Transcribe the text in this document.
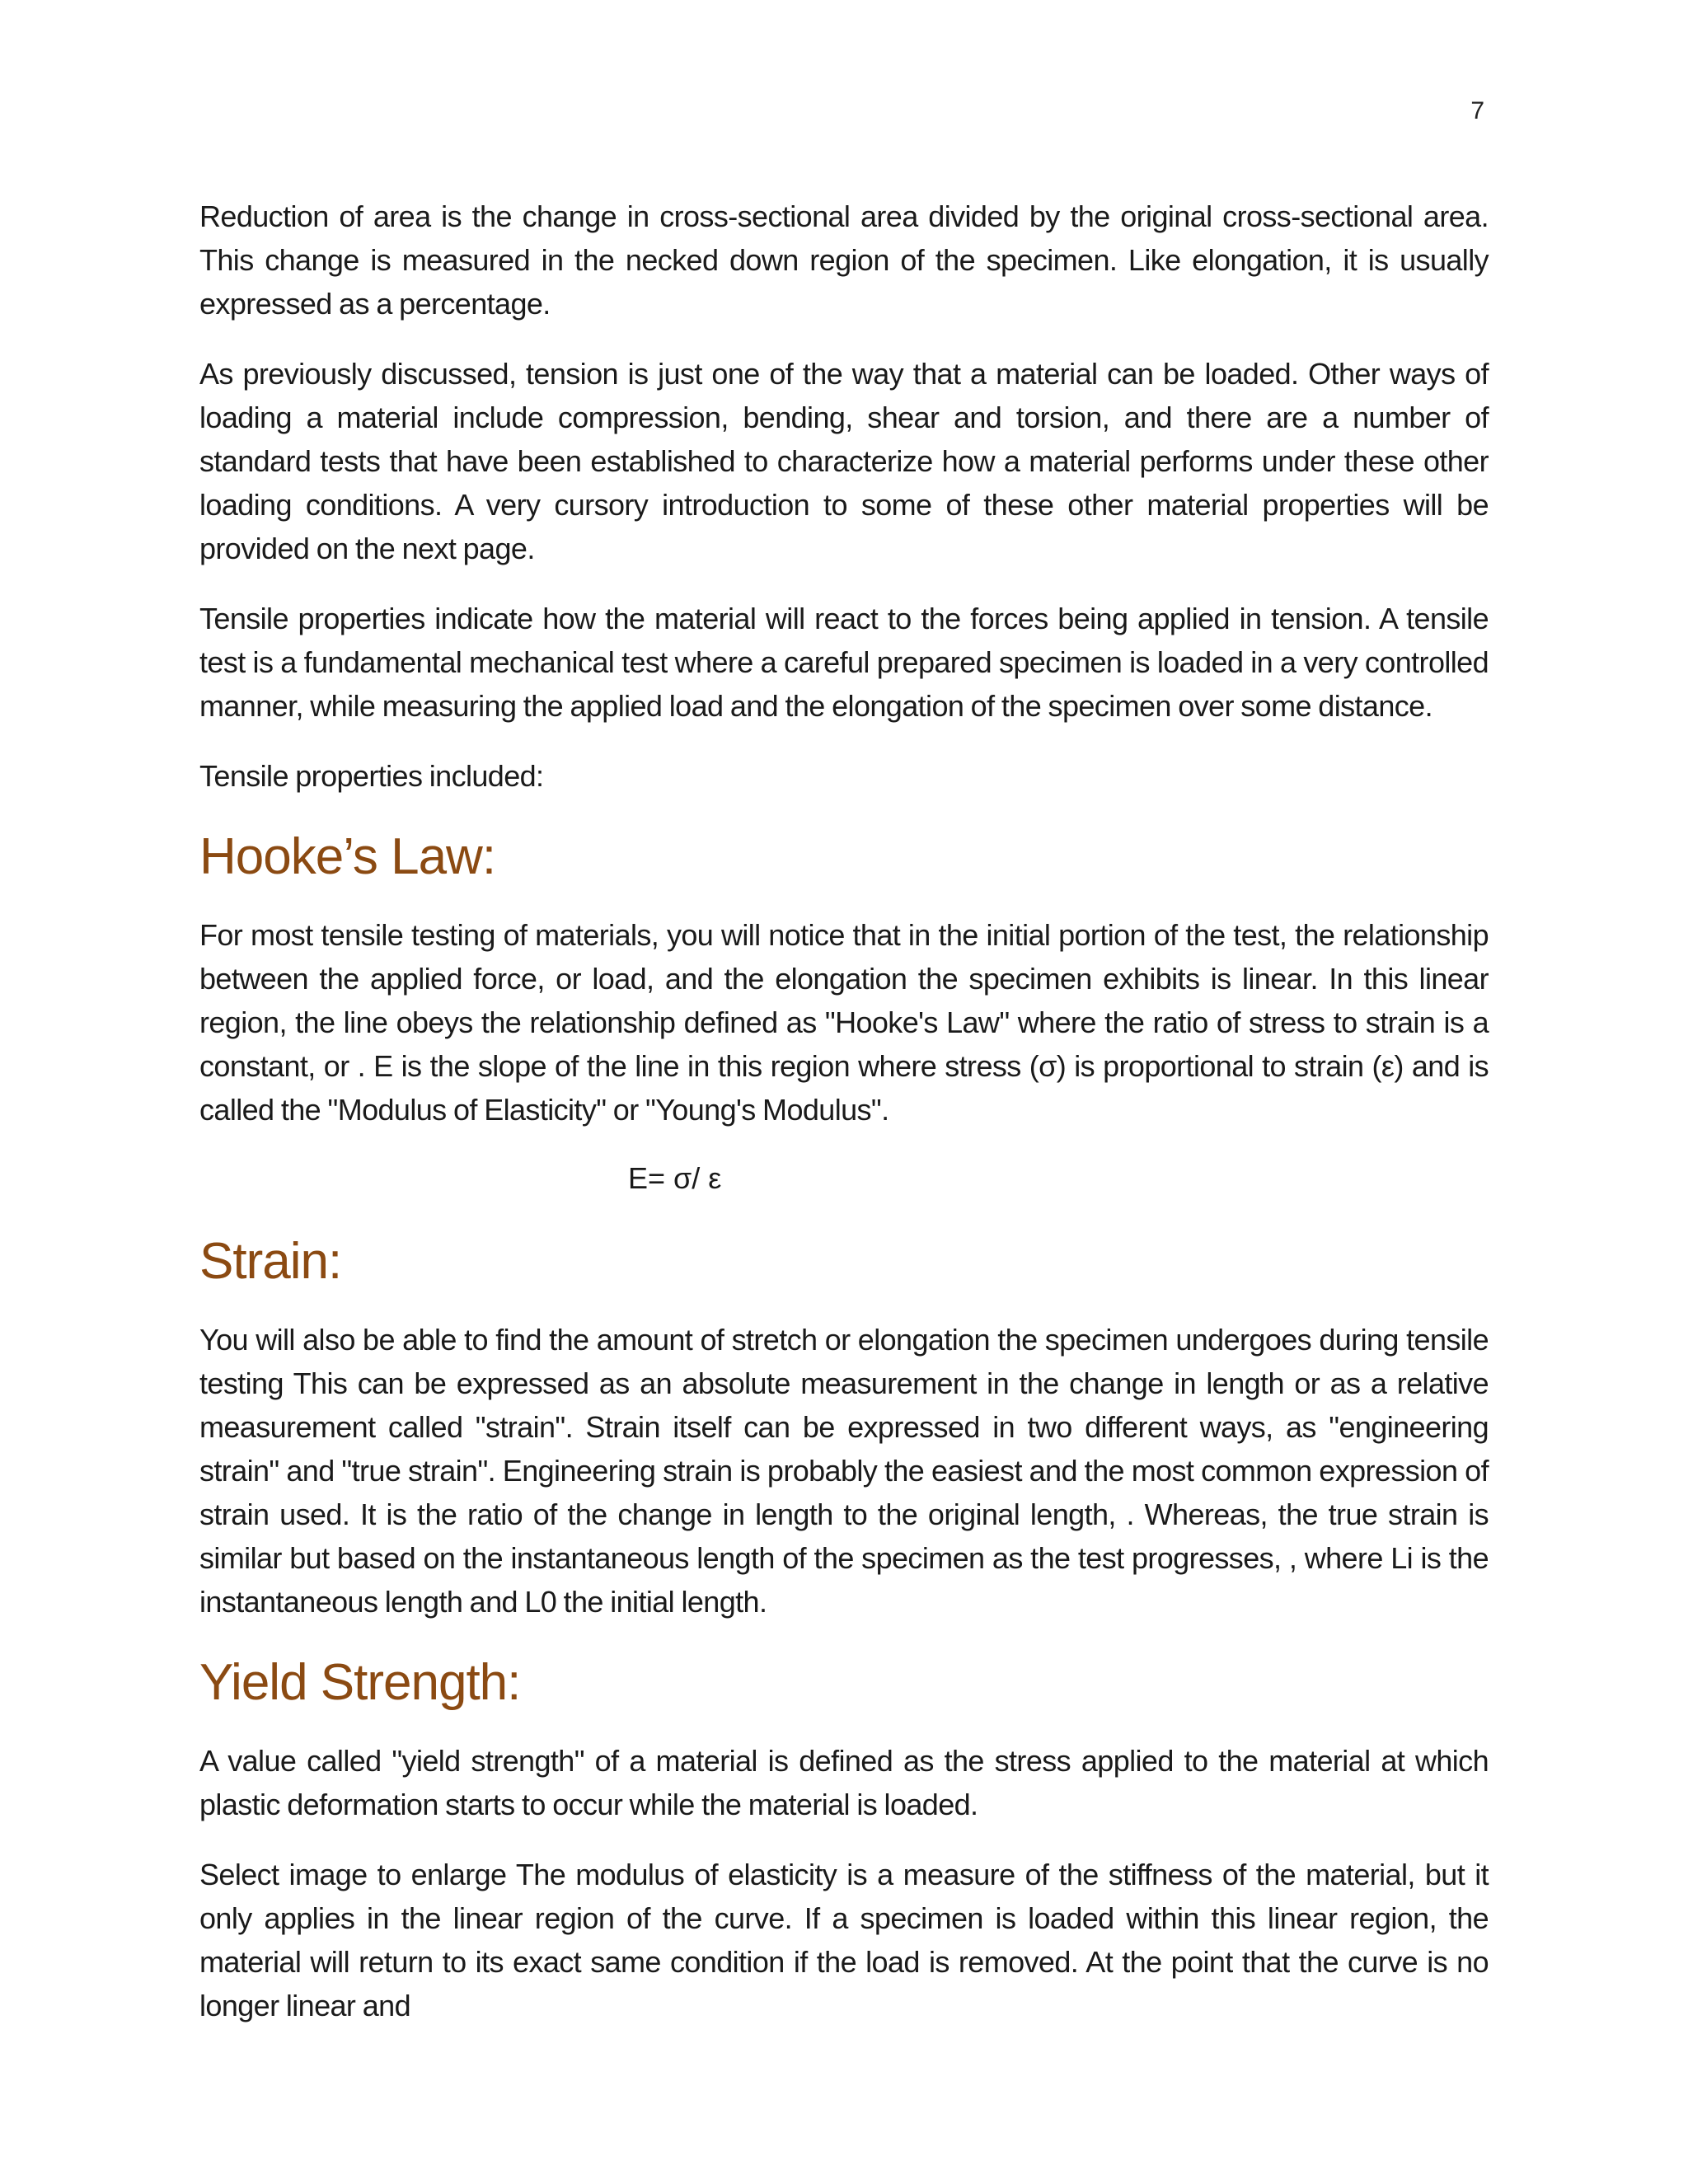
7

Reduction of area is the change in cross-sectional area divided by the original cross-sectional area. This change is measured in the necked down region of the specimen. Like elongation, it is usually expressed as a percentage.

As previously discussed, tension is just one of the way that a material can be loaded. Other ways of loading a material include compression, bending, shear and torsion, and there are a number of standard tests that have been established to characterize how a material performs under these other loading conditions. A very cursory introduction to some of these other material properties will be provided on the next page.

Tensile properties indicate how the material will react to the forces being applied in tension. A tensile test is a fundamental mechanical test where a careful prepared specimen is loaded in a very controlled manner, while measuring the applied load and the elongation of the specimen over some distance.

Tensile properties included:

Hooke’s Law:

For most tensile testing of materials, you will notice that in the initial portion of the test, the relationship between the applied force, or load, and the elongation the specimen exhibits is linear. In this linear region, the line obeys the relationship defined as "Hooke's Law" where the ratio of stress to strain is a constant, or . E is the slope of the line in this region where stress (σ) is proportional to strain (ε) and is called the "Modulus of Elasticity" or "Young's Modulus".

E= σ/ ε
Strain:

You will also be able to find the amount of stretch or elongation the specimen undergoes during tensile testing This can be expressed as an absolute measurement in the change in length or as a relative measurement called "strain". Strain itself can be expressed in two different ways, as "engineering strain" and "true strain". Engineering strain is probably the easiest and the most common expression of strain used. It is the ratio of the change in length to the original length, . Whereas, the true strain is similar but based on the instantaneous length of the specimen as the test progresses, , where Li is the instantaneous length and L0 the initial length.

Yield Strength:

A value called "yield strength" of a material is defined as the stress applied to the material at which plastic deformation starts to occur while the material is loaded.

Select image to enlarge The modulus of elasticity is a measure of the stiffness of the material, but it only applies in the linear region of the curve. If a specimen is loaded within this linear region, the material will return to its exact same condition if the load is removed. At the point that the curve is no longer linear and
